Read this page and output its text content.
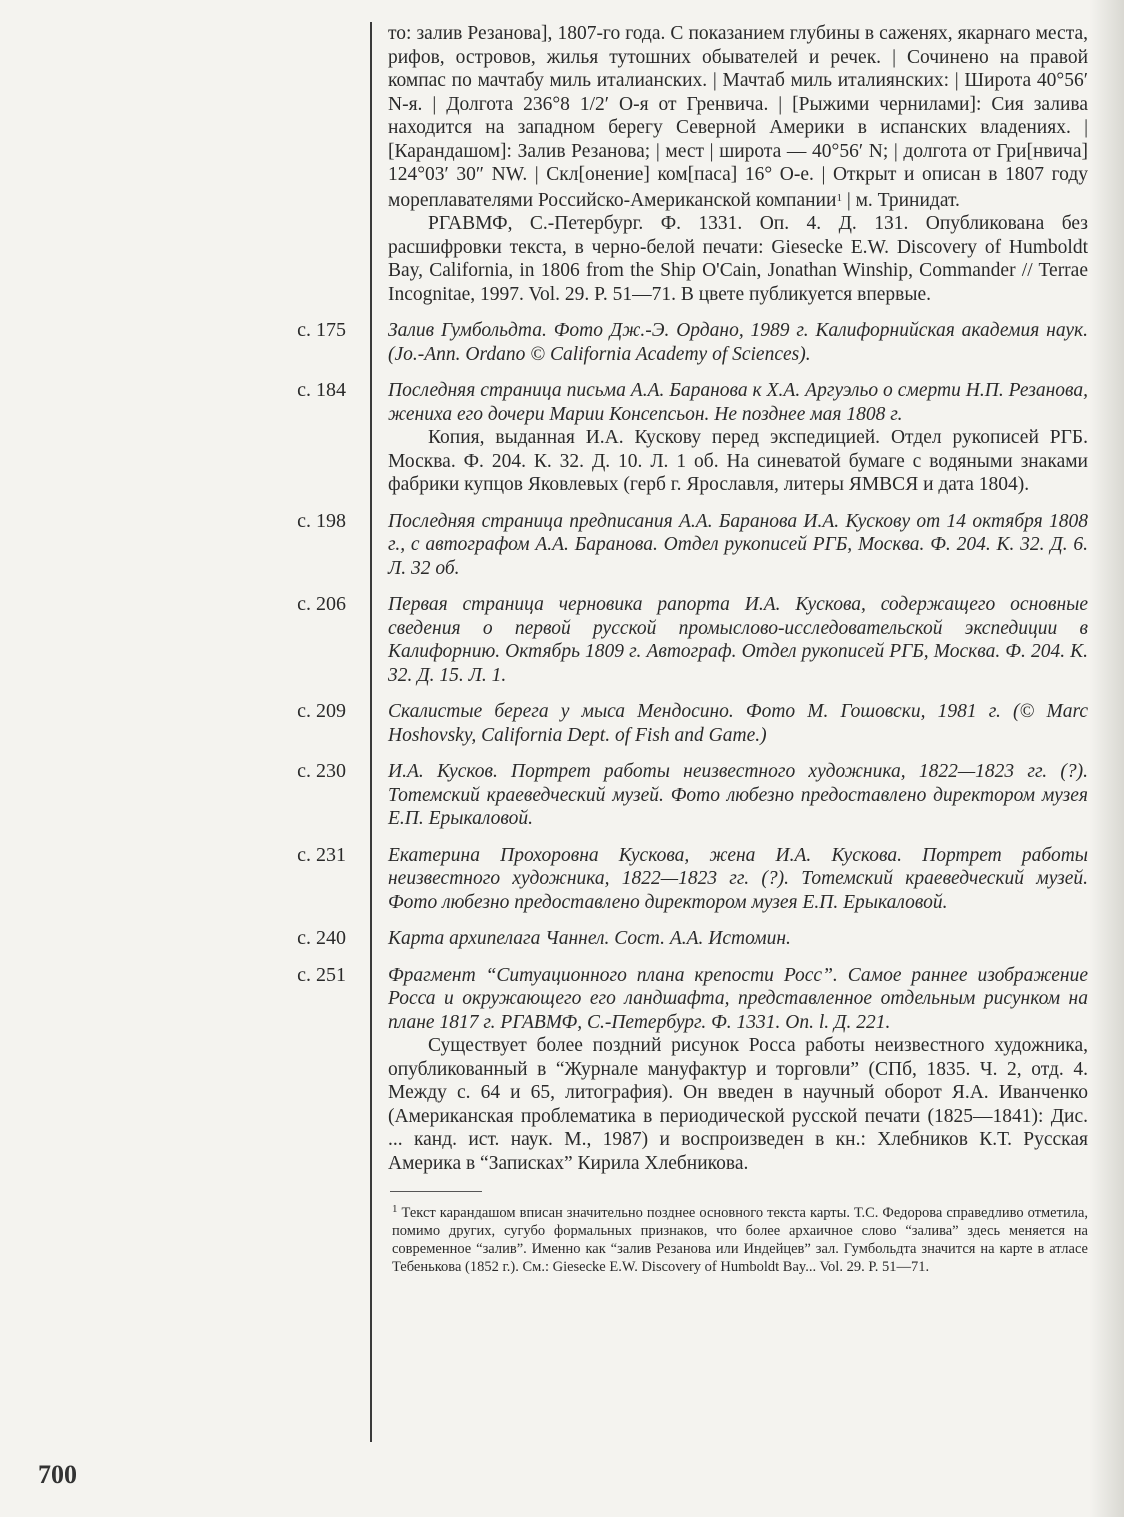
то: залив Резанова], 1807-го года. С показанием глубины в саженях, якарнаго места, рифов, островов, жилья тутошних обывателей и речек. | Сочинено на правой компас по мачтабу миль италианских. | Мачтаб миль италиянских: | Широта 40°56′ N-я. | Долгота 236°8 1/2′ О-я от Гренвича. | [Рыжими чернилами]: Сия залива находится на западном берегу Северной Америки в испанских владениях. | [Карандашом]: Залив Резанова; | мест | широта — 40°56′ N; | долгота от Гри[нвича] 124°03′ 30″ NW. | Скл[онение] ком[паса] 16° О-е. | Открыт и описан в 1807 году мореплавателями Российско-Американской компании$^1$ | м. Тринидат.

РГАВМФ, С.-Петербург. Ф. 1331. Оп. 4. Д. 131. Опубликована без расшифровки текста, в черно-белой печати: Giesecke E.W. Discovery of Humboldt Bay, California, in 1806 from the Ship O'Cain, Jonathan Winship, Commander // Terrae Incognitae, 1997. Vol. 29. P. 51—71. В цвете публикуется впервые.

с. 175 Залив Гумбольдта. Фото Дж.-Э. Ордано, 1989 г. Калифорнийская академия наук. (Jo.-Ann. Ordano © California Academy of Sciences).

с. 184 Последняя страница письма А.А. Баранова к Х.А. Аргуэльо о смерти Н.П. Резанова, жениха его дочери Марии Консепсьон. Не позднее мая 1808 г.

Копия, выданная И.А. Кускову перед экспедицией. Отдел рукописей РГБ. Москва. Ф. 204. К. 32. Д. 10. Л. 1 об. На синеватой бумаге с водяными знаками фабрики купцов Яковлевых (герб г. Ярославля, литеры ЯМВСЯ и дата 1804).

с. 198 Последняя страница предписания А.А. Баранова И.А. Кускову от 14 октября 1808 г., с автографом А.А. Баранова. Отдел рукописей РГБ, Москва. Ф. 204. К. 32. Д. 6. Л. 32 об.

с. 206 Первая страница черновика рапорта И.А. Кускова, содержащего основные сведения о первой русской промыслово-исследовательской экспедиции в Калифорнию. Октябрь 1809 г. Автограф. Отдел рукописей РГБ, Москва. Ф. 204. К. 32. Д. 15. Л. 1.

с. 209 Скалистые берега у мыса Мендосино. Фото М. Гошовски, 1981 г. (© Marc Hoshovsky, California Dept. of Fish and Game.)

с. 230 И.А. Кусков. Портрет работы неизвестного художника, 1822—1823 гг. (?). Тотемский краеведческий музей. Фото любезно предоставлено директором музея Е.П. Ерыкаловой.

с. 231 Екатерина Прохоровна Кускова, жена И.А. Кускова. Портрет работы неизвестного художника, 1822—1823 гг. (?). Тотемский краеведческий музей. Фото любезно предоставлено директором музея Е.П. Ерыкаловой.

с. 240 Карта архипелага Чаннел. Сост. А.А. Истомин.

с. 251 Фрагмент “Ситуационного плана крепости Росс”. Самое раннее изображение Росса и окружающего его ландшафта, представленное отдельным рисунком на плане 1817 г. РГАВМФ, С.-Петербург. Ф. 1331. Оп. l. Д. 221.

Существует более поздний рисунок Росса работы неизвестного художника, опубликованный в “Журнале мануфактур и торговли” (СПб, 1835. Ч. 2, отд. 4. Между с. 64 и 65, литография). Он введен в научный оборот Я.А. Иванченко (Американская проблематика в периодической русской печати (1825—1841): Дис. ... канд. ист. наук. М., 1987) и воспроизведен в кн.: Хлебников К.Т. Русская Америка в “Записках” Кирила Хлебникова.

$^1$ Текст карандашом вписан значительно позднее основного текста карты. Т.С. Федорова справедливо отметила, помимо других, сугубо формальных признаков, что более архаичное слово “залива” здесь меняется на современное “залив”. Именно как “залив Резанова или Индейцев” зал. Гумбольдта значится на карте в атласе Тебенькова (1852 г.). См.: Giesecke E.W. Discovery of Humboldt Bay... Vol. 29. P. 51—71.

700
